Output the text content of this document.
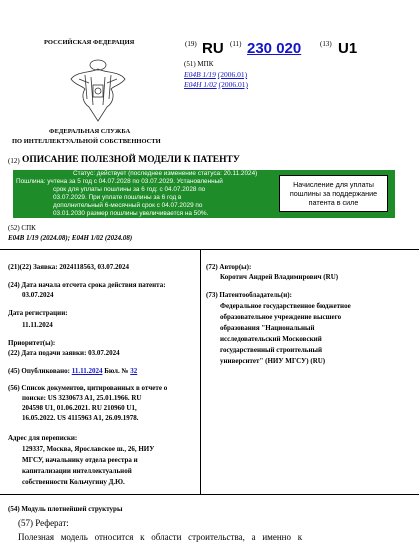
РОССИЙСКАЯ ФЕДЕРАЦИЯ
ФЕДЕРАЛЬНАЯ СЛУЖБА
ПО ИНТЕЛЛЕКТУАЛЬНОЙ СОБСТВЕННОСТИ
(19) RU (11) 230 020	(13) U1
(51) МПК
E04B 1/19 (2006.01)
E04H 1/02 (2006.01)
(12) ОПИСАНИЕ ПОЛЕЗНОЙ МОДЕЛИ К ПАТЕНТУ
Статус: действует (последнее изменение статуса: 20.11.2024)
Пошлина: учтена за 5 год с 04.07.2028 по 03.07.2029. Установленный
срок для уплаты пошлины за 6 год: с 04.07.2028 по
03.07.2029. При уплате пошлины за 6 год в
дополнительный 6-месячный срок с 04.07.2029 по
03.01.2030 размер пошлины увеличивается на 50%.
Начисление для уплаты
пошлины за поддержание
патента в силе
(52) СПК
E04B 1/19 (2024.08); E04H 1/02 (2024.08)
(21)(22) Заявка: 2024118563, 03.07.2024
(24) Дата начала отсчета срока действия патента:
03.07.2024
Дата регистрации:
11.11.2024
Приоритет(ы):
(22) Дата подачи заявки: 03.07.2024
(45) Опубликовано: 11.11.2024 Бюл. № 32
(56) Список документов, цитированных в отчете о
поиске: US 3230673 A1, 25.01.1966. RU
204598 U1, 01.06.2021. RU 210960 U1,
16.05.2022. US 4115963 A1, 26.09.1978.
Адрес для переписки:
129337, Москва, Ярославское ш., 26, НИУ
МГСУ, начальнику отдела реестра и
капитализации интеллектуальной
собственности Кольчугину Д.Ю.
(72) Автор(ы):
Коротич Андрей Владимирович (RU)
(73) Патентообладатель(и):
Федеральное государственное бюджетное
образовательное учреждение высшего
образования "Национальный
исследовательский Московский
государственный строительный
университет" (НИУ МГСУ) (RU)
(54) Модуль плотнейшей структуры
(57) Реферат:
Полезная   модель   относится   к   области   строительства,   а   именно   к
